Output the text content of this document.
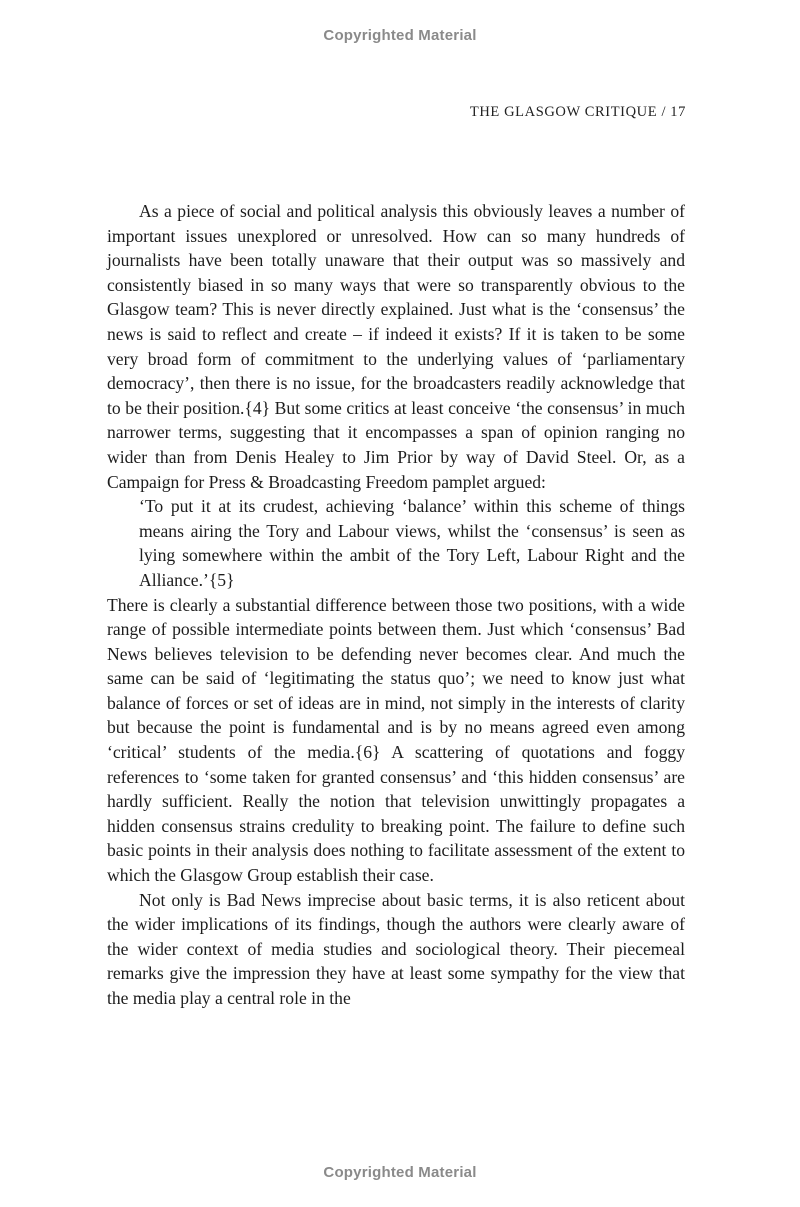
Copyrighted Material
THE GLASGOW CRITIQUE / 17

As a piece of social and political analysis this obviously leaves a number of important issues unexplored or unresolved. How can so many hundreds of journalists have been totally unaware that their output was so massively and consistently biased in so many ways that were so transparently obvious to the Glasgow team? This is never directly explained. Just what is the ‘consensus’ the news is said to reflect and create – if indeed it exists? If it is taken to be some very broad form of commitment to the underlying values of ‘parliamentary democracy’, then there is no issue, for the broadcasters readily acknowledge that to be their position.{4} But some critics at least conceive ‘the consensus’ in much narrower terms, suggesting that it encompasses a span of opinion ranging no wider than from Denis Healey to Jim Prior by way of David Steel. Or, as a Campaign for Press & Broadcasting Freedom pamplet argued:

‘To put it at its crudest, achieving ‘balance’ within this scheme of things means airing the Tory and Labour views, whilst the ‘consensus’ is seen as lying somewhere within the ambit of the Tory Left, Labour Right and the Alliance.’{5}

There is clearly a substantial difference between those two positions, with a wide range of possible intermediate points between them. Just which ‘consensus’ Bad News believes television to be defending never becomes clear. And much the same can be said of ‘legitimating the status quo’; we need to know just what balance of forces or set of ideas are in mind, not simply in the interests of clarity but because the point is fundamental and is by no means agreed even among ‘critical’ students of the media.{6} A scattering of quotations and foggy references to ‘some taken for granted consensus’ and ‘this hidden consensus’ are hardly sufficient. Really the notion that television unwittingly propagates a hidden consensus strains credulity to breaking point. The failure to define such basic points in their analysis does nothing to facilitate assessment of the extent to which the Glasgow Group establish their case.

Not only is Bad News imprecise about basic terms, it is also reticent about the wider implications of its findings, though the authors were clearly aware of the wider context of media studies and sociological theory. Their piecemeal remarks give the impression they have at least some sympathy for the view that the media play a central role in the

Copyrighted Material
